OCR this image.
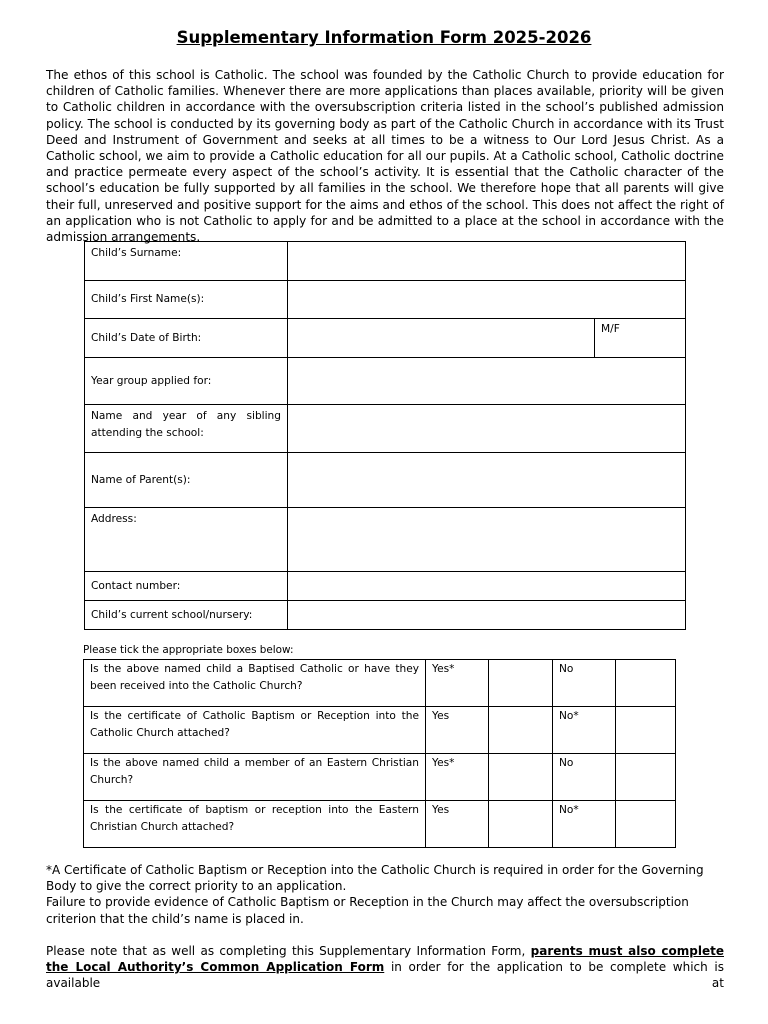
Supplementary Information Form 2025-2026
The ethos of this school is Catholic. The school was founded by the Catholic Church to provide education for children of Catholic families. Whenever there are more applications than places available, priority will be given to Catholic children in accordance with the oversubscription criteria listed in the school’s published admission policy. The school is conducted by its governing body as part of the Catholic Church in accordance with its Trust Deed and Instrument of Government and seeks at all times to be a witness to Our Lord Jesus Christ. As a Catholic school, we aim to provide a Catholic education for all our pupils. At a Catholic school, Catholic doctrine and practice permeate every aspect of the school’s activity. It is essential that the Catholic character of the school’s education be fully supported by all families in the school. We therefore hope that all parents will give their full, unreserved and positive support for the aims and ethos of the school. This does not affect the right of an application who is not Catholic to apply for and be admitted to a place at the school in accordance with the admission arrangements.
Child’s Surname:	
Child’s First Name(s):	
Child’s Date of Birth:	M/F

Year group applied for:	
Name and year of any sibling attending the school:	
Name of Parent(s):	
Address:	
Contact number:	
Child’s current school/nursery:	
Please tick the appropriate boxes below:
Is the above named child a Baptised Catholic or have they been received into the Catholic Church?	Yes*		No	
Is the certificate of Catholic Baptism or Reception into the Catholic Church attached?	Yes		No*	
Is the above named child a member of an Eastern Christian Church?	Yes*		No	
Is the certificate of baptism or reception into the Eastern Christian Church attached?	Yes		No*	

*A Certificate of Catholic Baptism or Reception into the Catholic Church is required in order for the Governing Body to give the correct priority to an application.

Failure to provide evidence of Catholic Baptism or Reception in the Church may affect the oversubscription criterion that the child’s name is placed in.

Please note that as well as completing this Supplementary Information Form, parents must also complete the Local Authority’s Common Application Form in order for the application to be complete which is available at
